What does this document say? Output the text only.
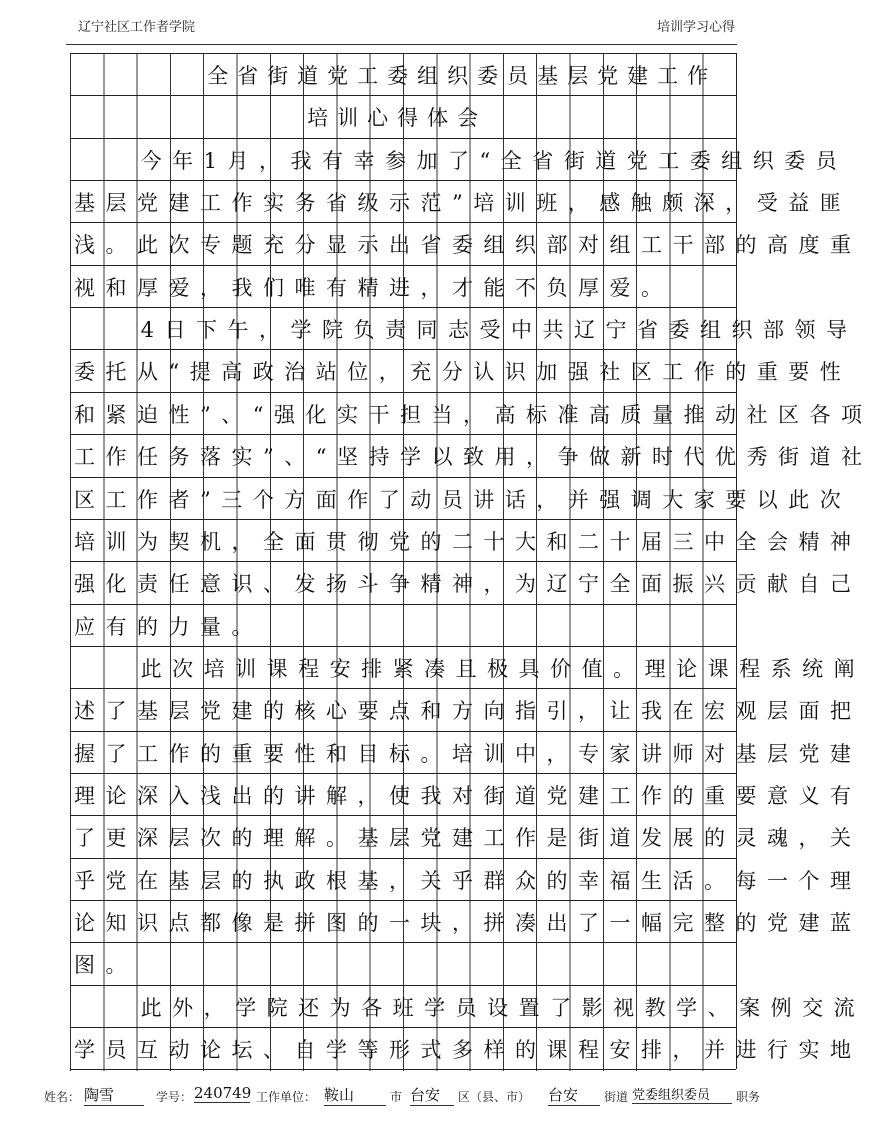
辽宁社区工作者学院	培训学习心得
全省街道党工委组织委员基层党建工作
培训心得体会
今年1月，我有幸参加了“全省街道党工委组织委员
基层党建工作实务省级示范”培训班，感触颇深，受益匪
浅。此次专题充分显示出省委组织部对组工干部的高度重
视和厚爱，我们唯有精进，才能不负厚爱。
4日下午，学院负责同志受中共辽宁省委组织部领导
委托从“提高政治站位，充分认识加强社区工作的重要性
和紧迫性”、“强化实干担当，高标准高质量推动社区各项
工作任务落实”、“坚持学以致用，争做新时代优秀街道社
区工作者”三个方面作了动员讲话，并强调大家要以此次
培训为契机，全面贯彻党的二十大和二十届三中全会精神
强化责任意识、发扬斗争精神，为辽宁全面振兴贡献自己
应有的力量。
此次培训课程安排紧凑且极具价值。理论课程系统阐
述了基层党建的核心要点和方向指引，让我在宏观层面把
握了工作的重要性和目标。培训中，专家讲师对基层党建
理论深入浅出的讲解，使我对街道党建工作的重要意义有
了更深层次的理解。基层党建工作是街道发展的灵魂，关
乎党在基层的执政根基，关乎群众的幸福生活。每一个理
论知识点都像是拼图的一块，拼凑出了一幅完整的党建蓝
图。
此外，学院还为各班学员设置了影视教学、案例交流
学员互动论坛、自学等形式多样的课程安排，并进行实地
姓名： 陶雪	学号： 240749 工作单位： 鞍山	市 台安	区（县、市） 台安	街道 党委组织委员	职务
